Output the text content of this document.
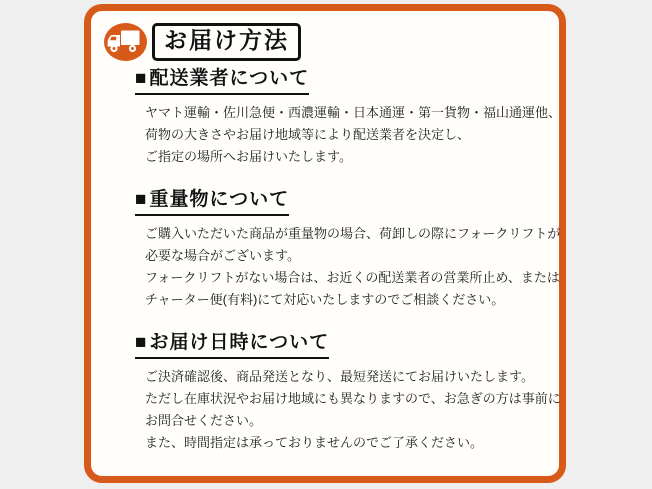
お届け方法
■ 配送業者について

ヤマト運輸・佐川急便・西濃運輸・日本通運・第一貨物・福山通運他、

荷物の大きさやお届け地域等により配送業者を決定し、

ご指定の場所へお届けいたします。

■ 重量物について

ご購入いただいた商品が重量物の場合、荷卸しの際にフォークリフトが

必要な場合がございます。

フォークリフトがない場合は、お近くの配送業者の営業所止め、または

チャーター便(有料)にて対応いたしますのでご相談ください。

■ お届け日時について

ご決済確認後、商品発送となり、最短発送にてお届けいたします。

ただし在庫状況やお届け地域にも異なりますので、お急ぎの方は事前に

お問合せください。

また、時間指定は承っておりませんのでご了承ください。
